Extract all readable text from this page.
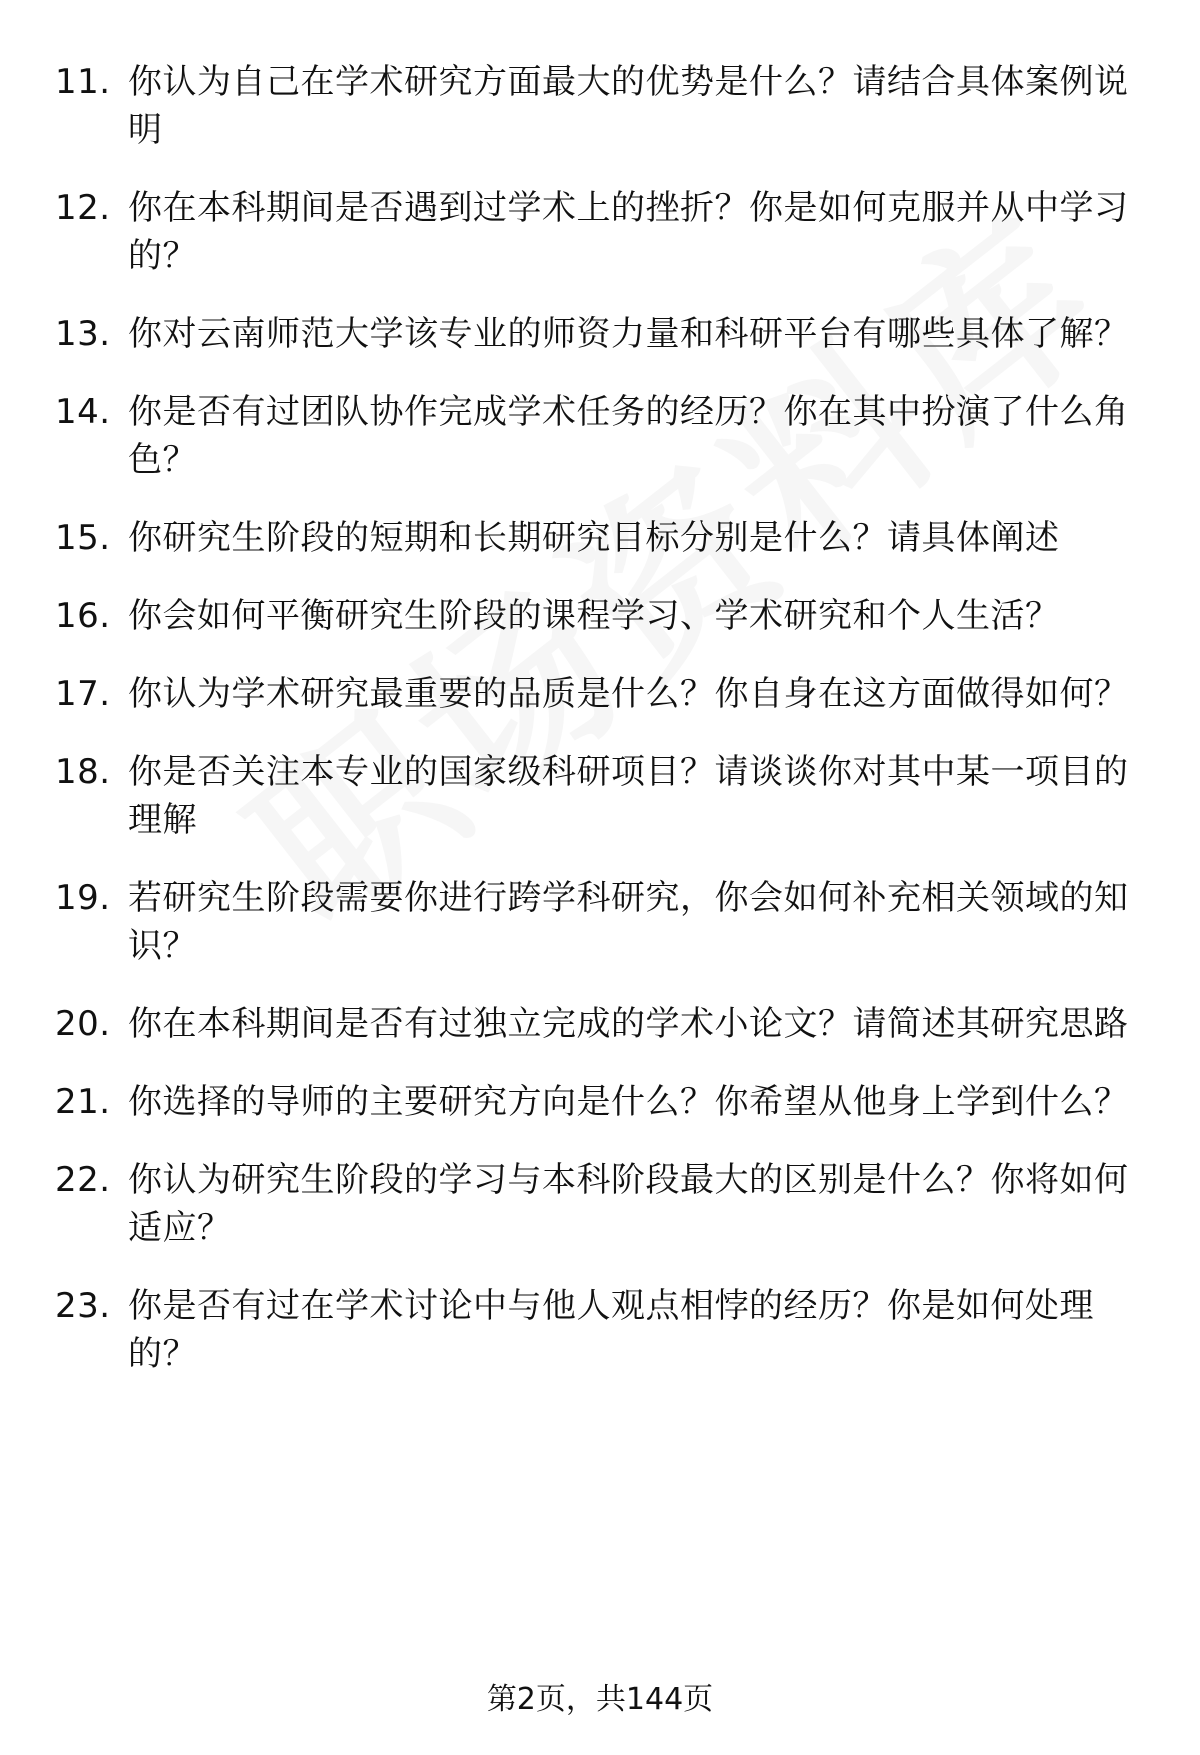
11. 你认为自己在学术研究方面最大的优势是什么？请结合具体案例说明
12. 你在本科期间是否遇到过学术上的挫折？你是如何克服并从中学习的？
13. 你对云南师范大学该专业的师资力量和科研平台有哪些具体了解？
14. 你是否有过团队协作完成学术任务的经历？你在其中扮演了什么角色？
15. 你研究生阶段的短期和长期研究目标分别是什么？请具体阐述
16. 你会如何平衡研究生阶段的课程学习、学术研究和个人生活？
17. 你认为学术研究最重要的品质是什么？你自身在这方面做得如何？
18. 你是否关注本专业的国家级科研项目？请谈谈你对其中某一项目的理解
19. 若研究生阶段需要你进行跨学科研究，你会如何补充相关领域的知识？
20. 你在本科期间是否有过独立完成的学术小论文？请简述其研究思路
21. 你选择的导师的主要研究方向是什么？你希望从他身上学到什么？
22. 你认为研究生阶段的学习与本科阶段最大的区别是什么？你将如何适应？
23. 你是否有过在学术讨论中与他人观点相悖的经历？你是如何处理的？
第2页，共144页
